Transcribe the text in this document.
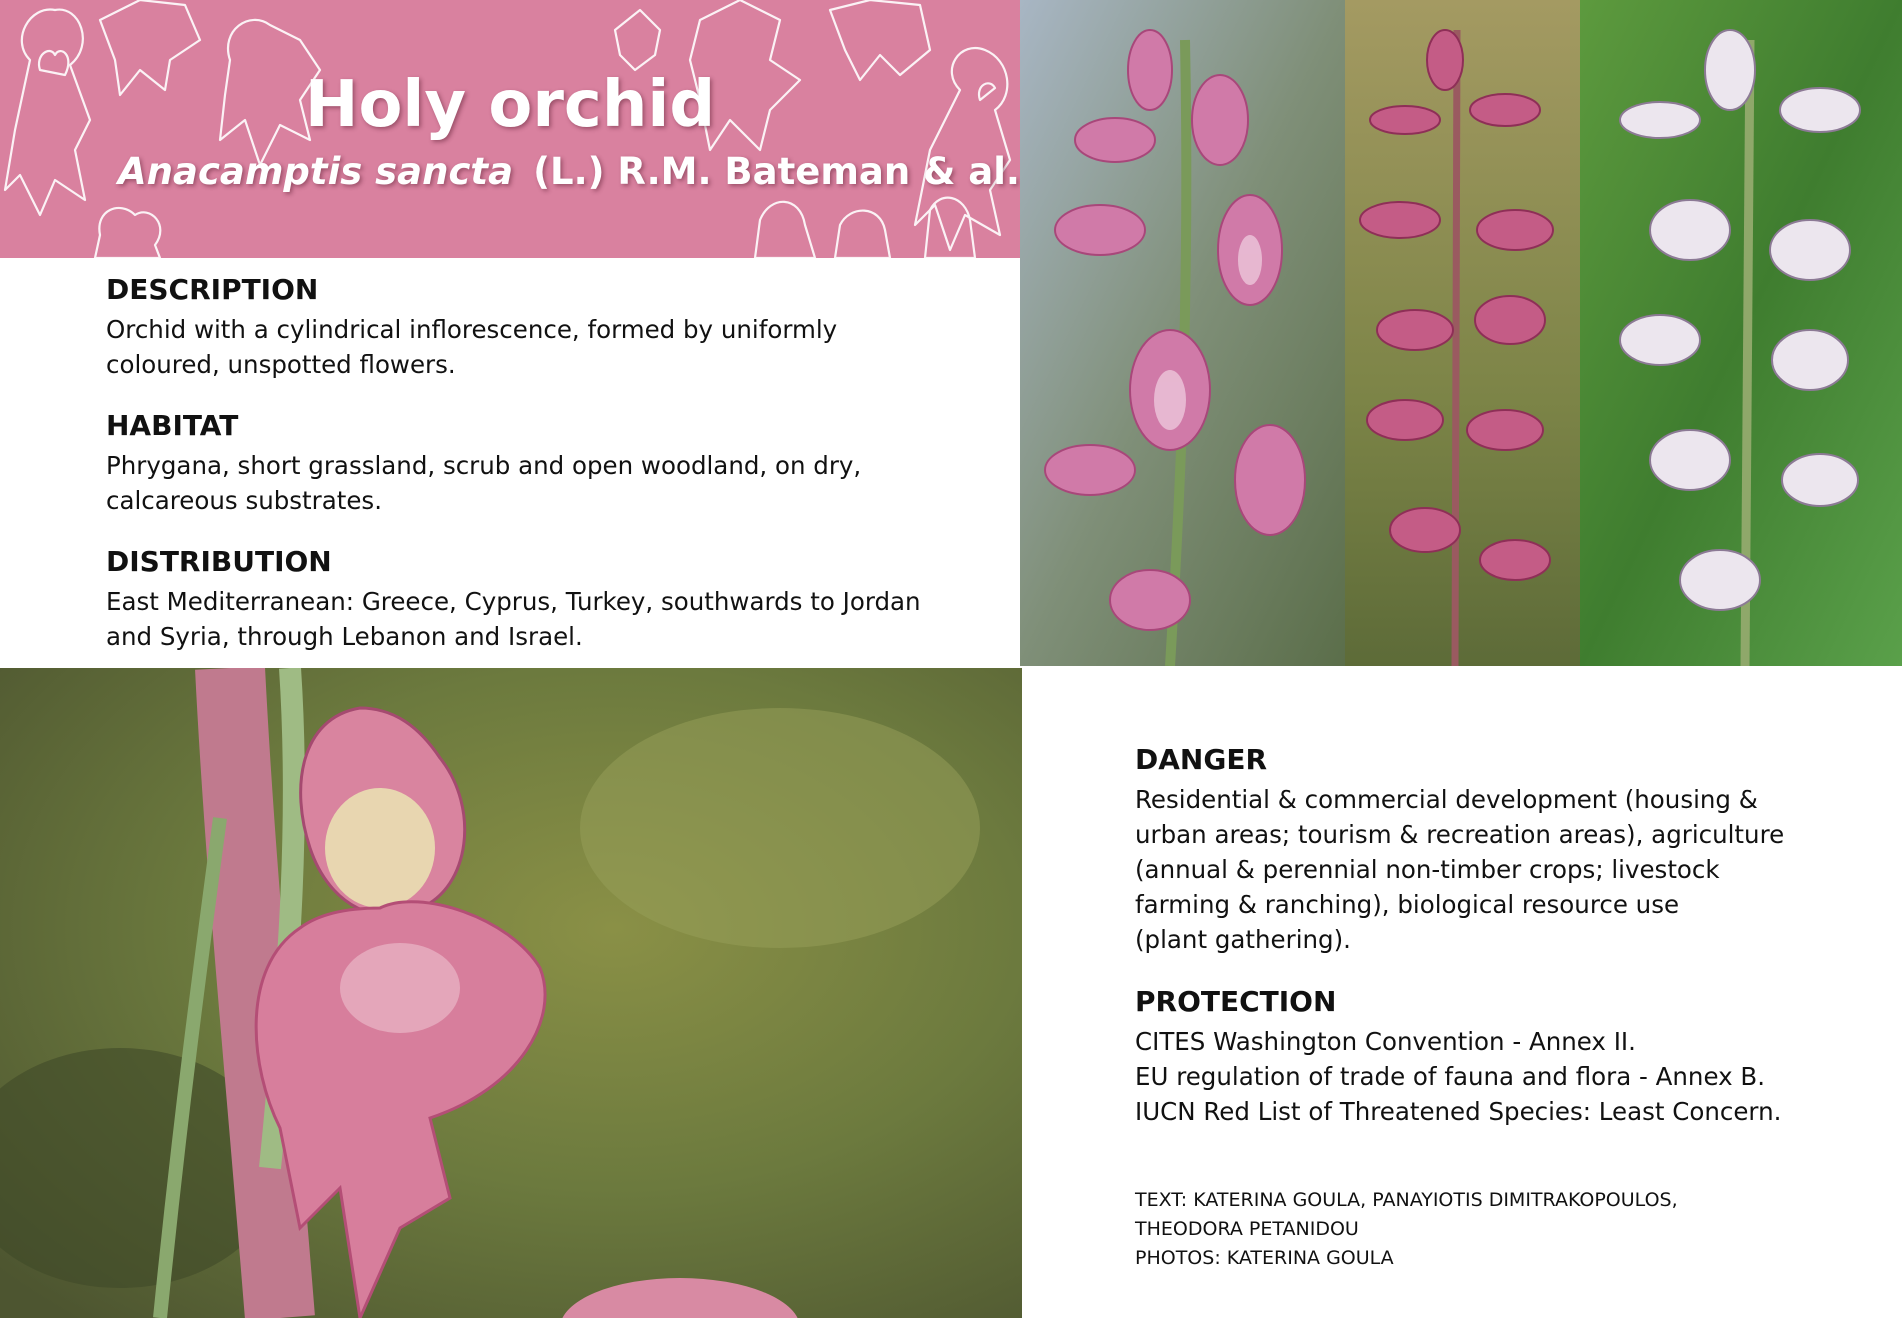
Holy orchid
Anacamptis sancta (L.) R.M. Bateman & al.
DESCRIPTION

Orchid with a cylindrical inflorescence, formed by uniformly
coloured, unspotted flowers.

HABITAT

Phrygana, short grassland, scrub and open woodland, on dry,
calcareous substrates.

DISTRIBUTION

East Mediterranean: Greece, Cyprus, Turkey, southwards to Jordan
and Syria, through Lebanon and Israel.

DANGER

Residential & commercial development (housing &
urban areas; tourism & recreation areas), agriculture
(annual & perennial non-timber crops; livestock
farming & ranching), biological resource use
(plant gathering).

PROTECTION

CITES Washington Convention - Annex II.
EU regulation of trade of fauna and flora - Annex B.
IUCN Red List of Threatened Species: Least Concern.

TEXT: KATERINA GOULA, PANAYIOTIS DIMITRAKOPOULOS,
THEODORA PETANIDOU
PHOTOS: KATERINA GOULA
